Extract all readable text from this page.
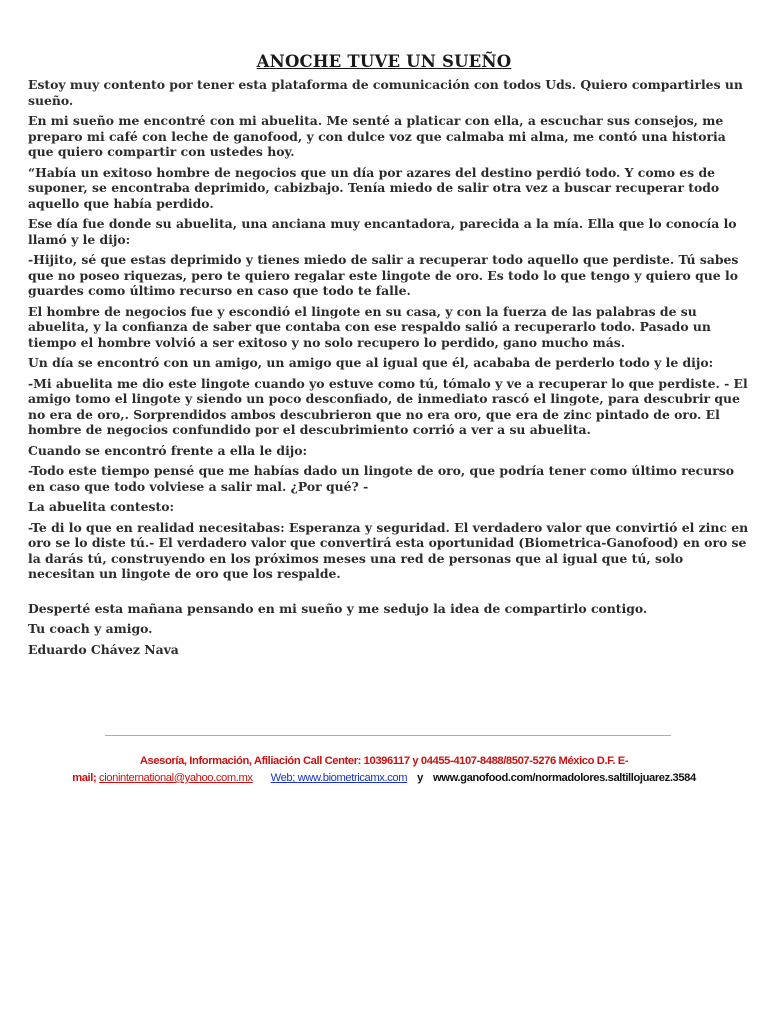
ANOCHE TUVE UN SUEÑO

Estoy muy contento por tener esta plataforma de comunicación con todos Uds. Quiero compartirles un sueño.

En mi sueño me encontré con mi abuelita. Me senté a platicar con ella, a escuchar sus consejos, me preparo mi café con leche de ganofood, y con dulce voz que calmaba mi alma, me contó una historia que quiero compartir con ustedes hoy.

“Había un exitoso hombre de negocios que un día por azares del destino perdió todo. Y como es de suponer, se encontraba deprimido, cabizbajo. Tenía miedo de salir otra vez a buscar recuperar todo aquello que había perdido.

Ese día fue donde su abuelita, una anciana muy encantadora, parecida a la mía. Ella que lo conocía lo llamó y le dijo:

-Hijito, sé que estas deprimido y tienes miedo de salir a recuperar todo aquello que perdiste. Tú sabes que no poseo riquezas, pero te quiero regalar este lingote de oro. Es todo lo que tengo y quiero que lo guardes como último recurso en caso que todo te falle.

El hombre de negocios fue y escondió el lingote en su casa, y con la fuerza de las palabras de su abuelita, y la confianza de saber que contaba con ese respaldo salió a recuperarlo todo. Pasado un tiempo el hombre volvió a ser exitoso y no solo recupero lo perdido, gano mucho más.

Un día se encontró con un amigo, un amigo que al igual que él, acababa de perderlo todo y le dijo:

-Mi abuelita me dio este lingote cuando yo estuve como tú, tómalo y ve a recuperar lo que perdiste. - El amigo tomo el lingote y siendo un poco desconfiado, de inmediato rascó el lingote, para descubrir que no era de oro,. Sorprendidos ambos descubrieron que no era oro, que era de zinc pintado de oro. El hombre de negocios confundido por el descubrimiento corrió a ver a su abuelita.

Cuando se encontró frente a ella le dijo:

-Todo este tiempo pensé que me habías dado un lingote de oro, que podría tener como último recurso en caso que todo volviese a salir mal. ¿Por qué? -

La abuelita contesto:

-Te di lo que en realidad necesitabas: Esperanza y seguridad. El verdadero valor que convirtió el zinc en oro se lo diste tú.- El verdadero valor que convertirá esta oportunidad (Biometrica-Ganofood) en oro se la darás tú, construyendo en los próximos meses una red de personas que al igual que tú, solo necesitan un lingote de oro que los respalde.

Desperté esta mañana pensando en mi sueño y me sedujo la idea de compartirlo contigo.

Tu coach y amigo.

Eduardo Chávez Nava

Asesoría, Información, Afiliación Call Center: 10396117 y 04455-4107-8488/8507-5276 México D.F. E-
mail; cioninternational@yahoo.com.mx Web; www.biometricamx.com y www.ganofood.com/normadolores.saltillojuarez.3584
